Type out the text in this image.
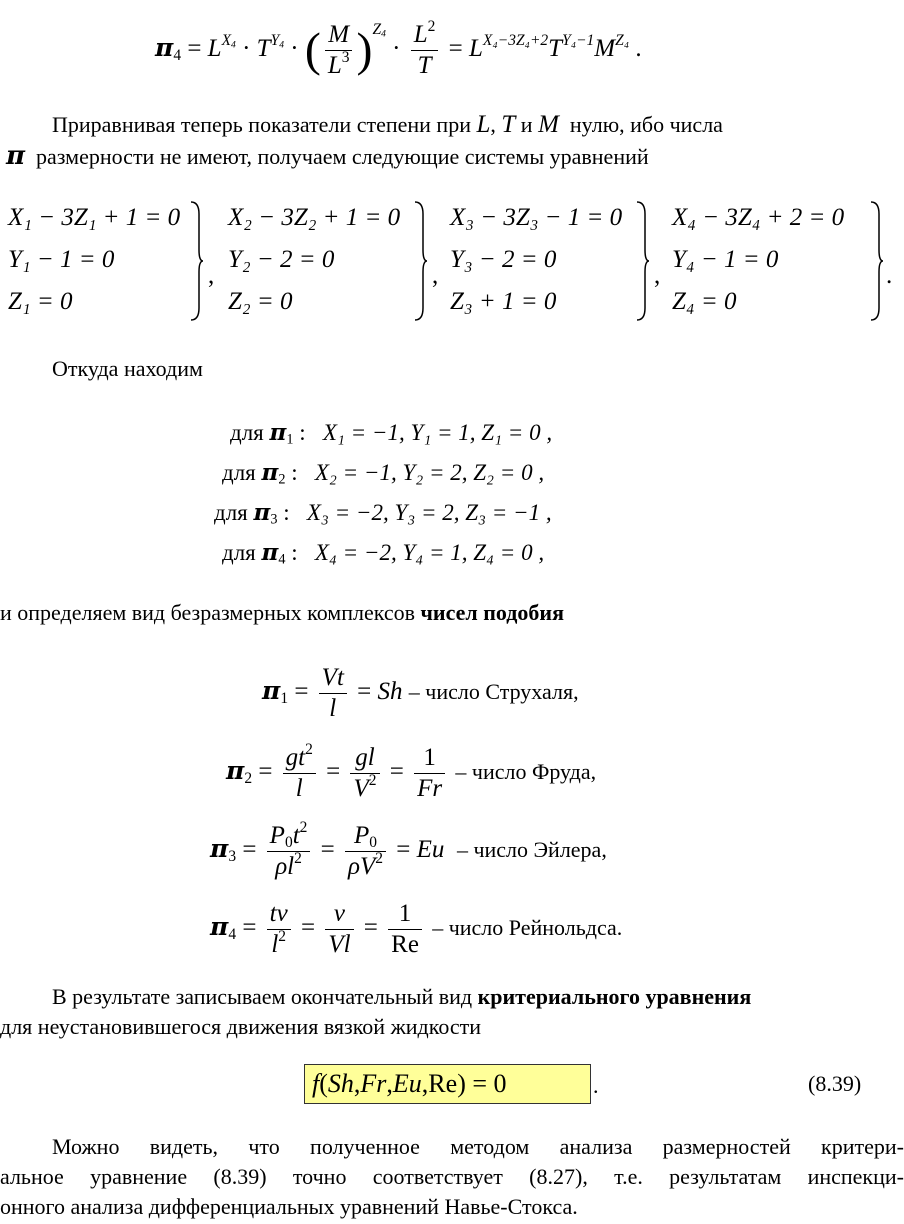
$\pi_4 = L^{X_4} \cdot T^{Y_4}$ · ( $\frac{M}{L^3} )^{Z_4} \cdot \frac{L^2}{T} = L^{X_4-3Z_4+2}T^{Y_4-1}M^{Z_4}$ .
Приравнивая теперь показатели степени при L, T и M нулю, ибо числа
π размерности не имеют, получаем следующие системы уравнений
X₁ − 3Z₁ + 1 = 0
Y₁ − 1 = 0
Z₁ = 0
,
X₂ − 3Z₂ + 1 = 0
Y₂ − 2 = 0
Z₂ = 0
,
X₃ − 3Z₃ − 1 = 0
Y₃ − 2 = 0
Z₃ + 1 = 0
,
X₄ − 3Z₄ + 2 = 0
Y₄ − 1 = 0
Z₄ = 0
.
Откуда находим
для $\pi_1$ : X₁ = −1, Y₁ = 1, Z₁ = 0 ,
для $\pi_2$ : X₂ = −1, Y₂ = 2, Z₂ = 0 ,
для $\pi_3$ : X₃ = −2, Y₃ = 2, Z₃ = −1 ,
для $\pi_4$ : X₄ = −2, Y₄ = 1, Z₄ = 0 ,
и определяем вид безразмерных комплексов чисел подобия
$\pi_1 = \frac{Vt}{l} = Sh$ – число Струхаля,
$\pi_2 = \frac{gt^2}{l} = \frac{gl}{V^2} = \frac{1}{Fr}$ – число Фруда,
$\pi_3 = \frac{P_0t^2}{\rho l^2} = \frac{P_0}{\rho V^2} = Eu$ – число Эйлера,
$\pi_4 = \frac{t\nu}{l^2} = \frac{\nu}{Vl} = \frac{1}{Re}$ – число Рейнольдса.
В результате записываем окончательный вид критериального уравнения
для неустановившегося движения вязкой жидкости
f(Sh,Fr,Eu,Re) = 0	.	(8.39)
Можно видеть, что полученное методом анализа размерностей критери-
альное уравнение (8.39) точно соответствует (8.27), т.е. результатам инспекци-
онного анализа дифференциальных уравнений Навье-Стокса.
